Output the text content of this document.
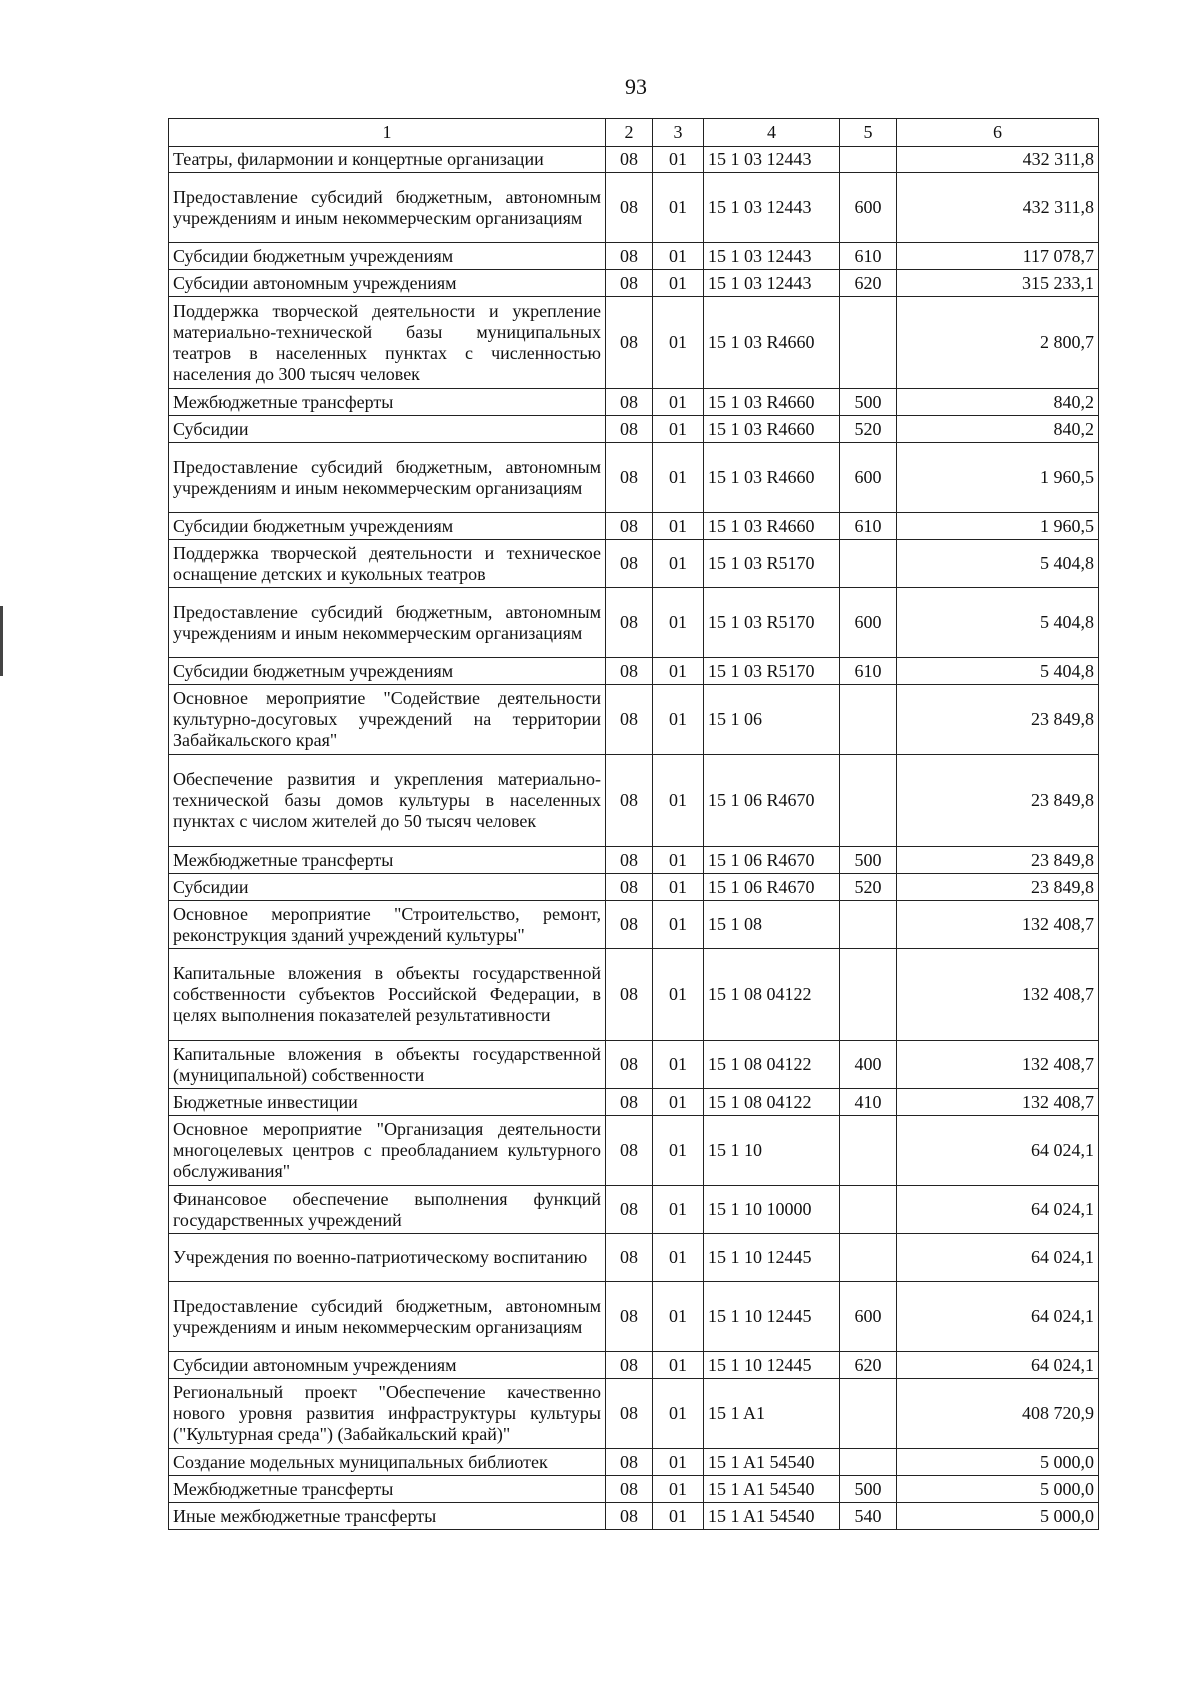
93
1	2	3	4	5	6
Театры, филармонии и концертные организации	08	01	15 1 03 12443		432 311,8
Предоставление субсидий бюджетным, автономным учреждениям и иным некоммерческим организациям	08	01	15 1 03 12443	600	432 311,8
Субсидии бюджетным учреждениям	08	01	15 1 03 12443	610	117 078,7
Субсидии автономным учреждениям	08	01	15 1 03 12443	620	315 233,1
Поддержка творческой деятельности и укрепление материально-технической базы муниципальных театров в населенных пунктах с численностью населения до 300 тысяч человек	08	01	15 1 03 R4660		2 800,7
Межбюджетные трансферты	08	01	15 1 03 R4660	500	840,2
Субсидии	08	01	15 1 03 R4660	520	840,2
Предоставление субсидий бюджетным, автономным учреждениям и иным некоммерческим организациям	08	01	15 1 03 R4660	600	1 960,5
Субсидии бюджетным учреждениям	08	01	15 1 03 R4660	610	1 960,5
Поддержка творческой деятельности и техническое оснащение детских и кукольных театров	08	01	15 1 03 R5170		5 404,8
Предоставление субсидий бюджетным, автономным учреждениям и иным некоммерческим организациям	08	01	15 1 03 R5170	600	5 404,8
Субсидии бюджетным учреждениям	08	01	15 1 03 R5170	610	5 404,8
Основное мероприятие "Содействие деятельности культурно-досуговых учреждений на территории Забайкальского края"	08	01	15 1 06		23 849,8
Обеспечение развития и укрепления материально-технической базы домов культуры в населенных пунктах с числом жителей до 50 тысяч человек	08	01	15 1 06 R4670		23 849,8
Межбюджетные трансферты	08	01	15 1 06 R4670	500	23 849,8
Субсидии	08	01	15 1 06 R4670	520	23 849,8
Основное мероприятие "Строительство, ремонт, реконструкция зданий учреждений культуры"	08	01	15 1 08		132 408,7
Капитальные вложения в объекты государственной собственности субъектов Российской Федерации, в целях выполнения показателей результативности	08	01	15 1 08 04122		132 408,7
Капитальные вложения в объекты государственной (муниципальной) собственности	08	01	15 1 08 04122	400	132 408,7
Бюджетные инвестиции	08	01	15 1 08 04122	410	132 408,7
Основное мероприятие "Организация деятельности многоцелевых центров с преобладанием культурного обслуживания"	08	01	15 1 10		64 024,1
Финансовое обеспечение выполнения функций государственных учреждений	08	01	15 1 10 10000		64 024,1
Учреждения по военно-патриотическому воспитанию	08	01	15 1 10 12445		64 024,1
Предоставление субсидий бюджетным, автономным учреждениям и иным некоммерческим организациям	08	01	15 1 10 12445	600	64 024,1
Субсидии автономным учреждениям	08	01	15 1 10 12445	620	64 024,1
Региональный проект "Обеспечение качественно нового уровня развития инфраструктуры культуры ("Культурная среда") (Забайкальский край)"	08	01	15 1 A1		408 720,9
Создание модельных муниципальных библиотек	08	01	15 1 A1 54540		5 000,0
Межбюджетные трансферты	08	01	15 1 A1 54540	500	5 000,0
Иные межбюджетные трансферты	08	01	15 1 A1 54540	540	5 000,0
